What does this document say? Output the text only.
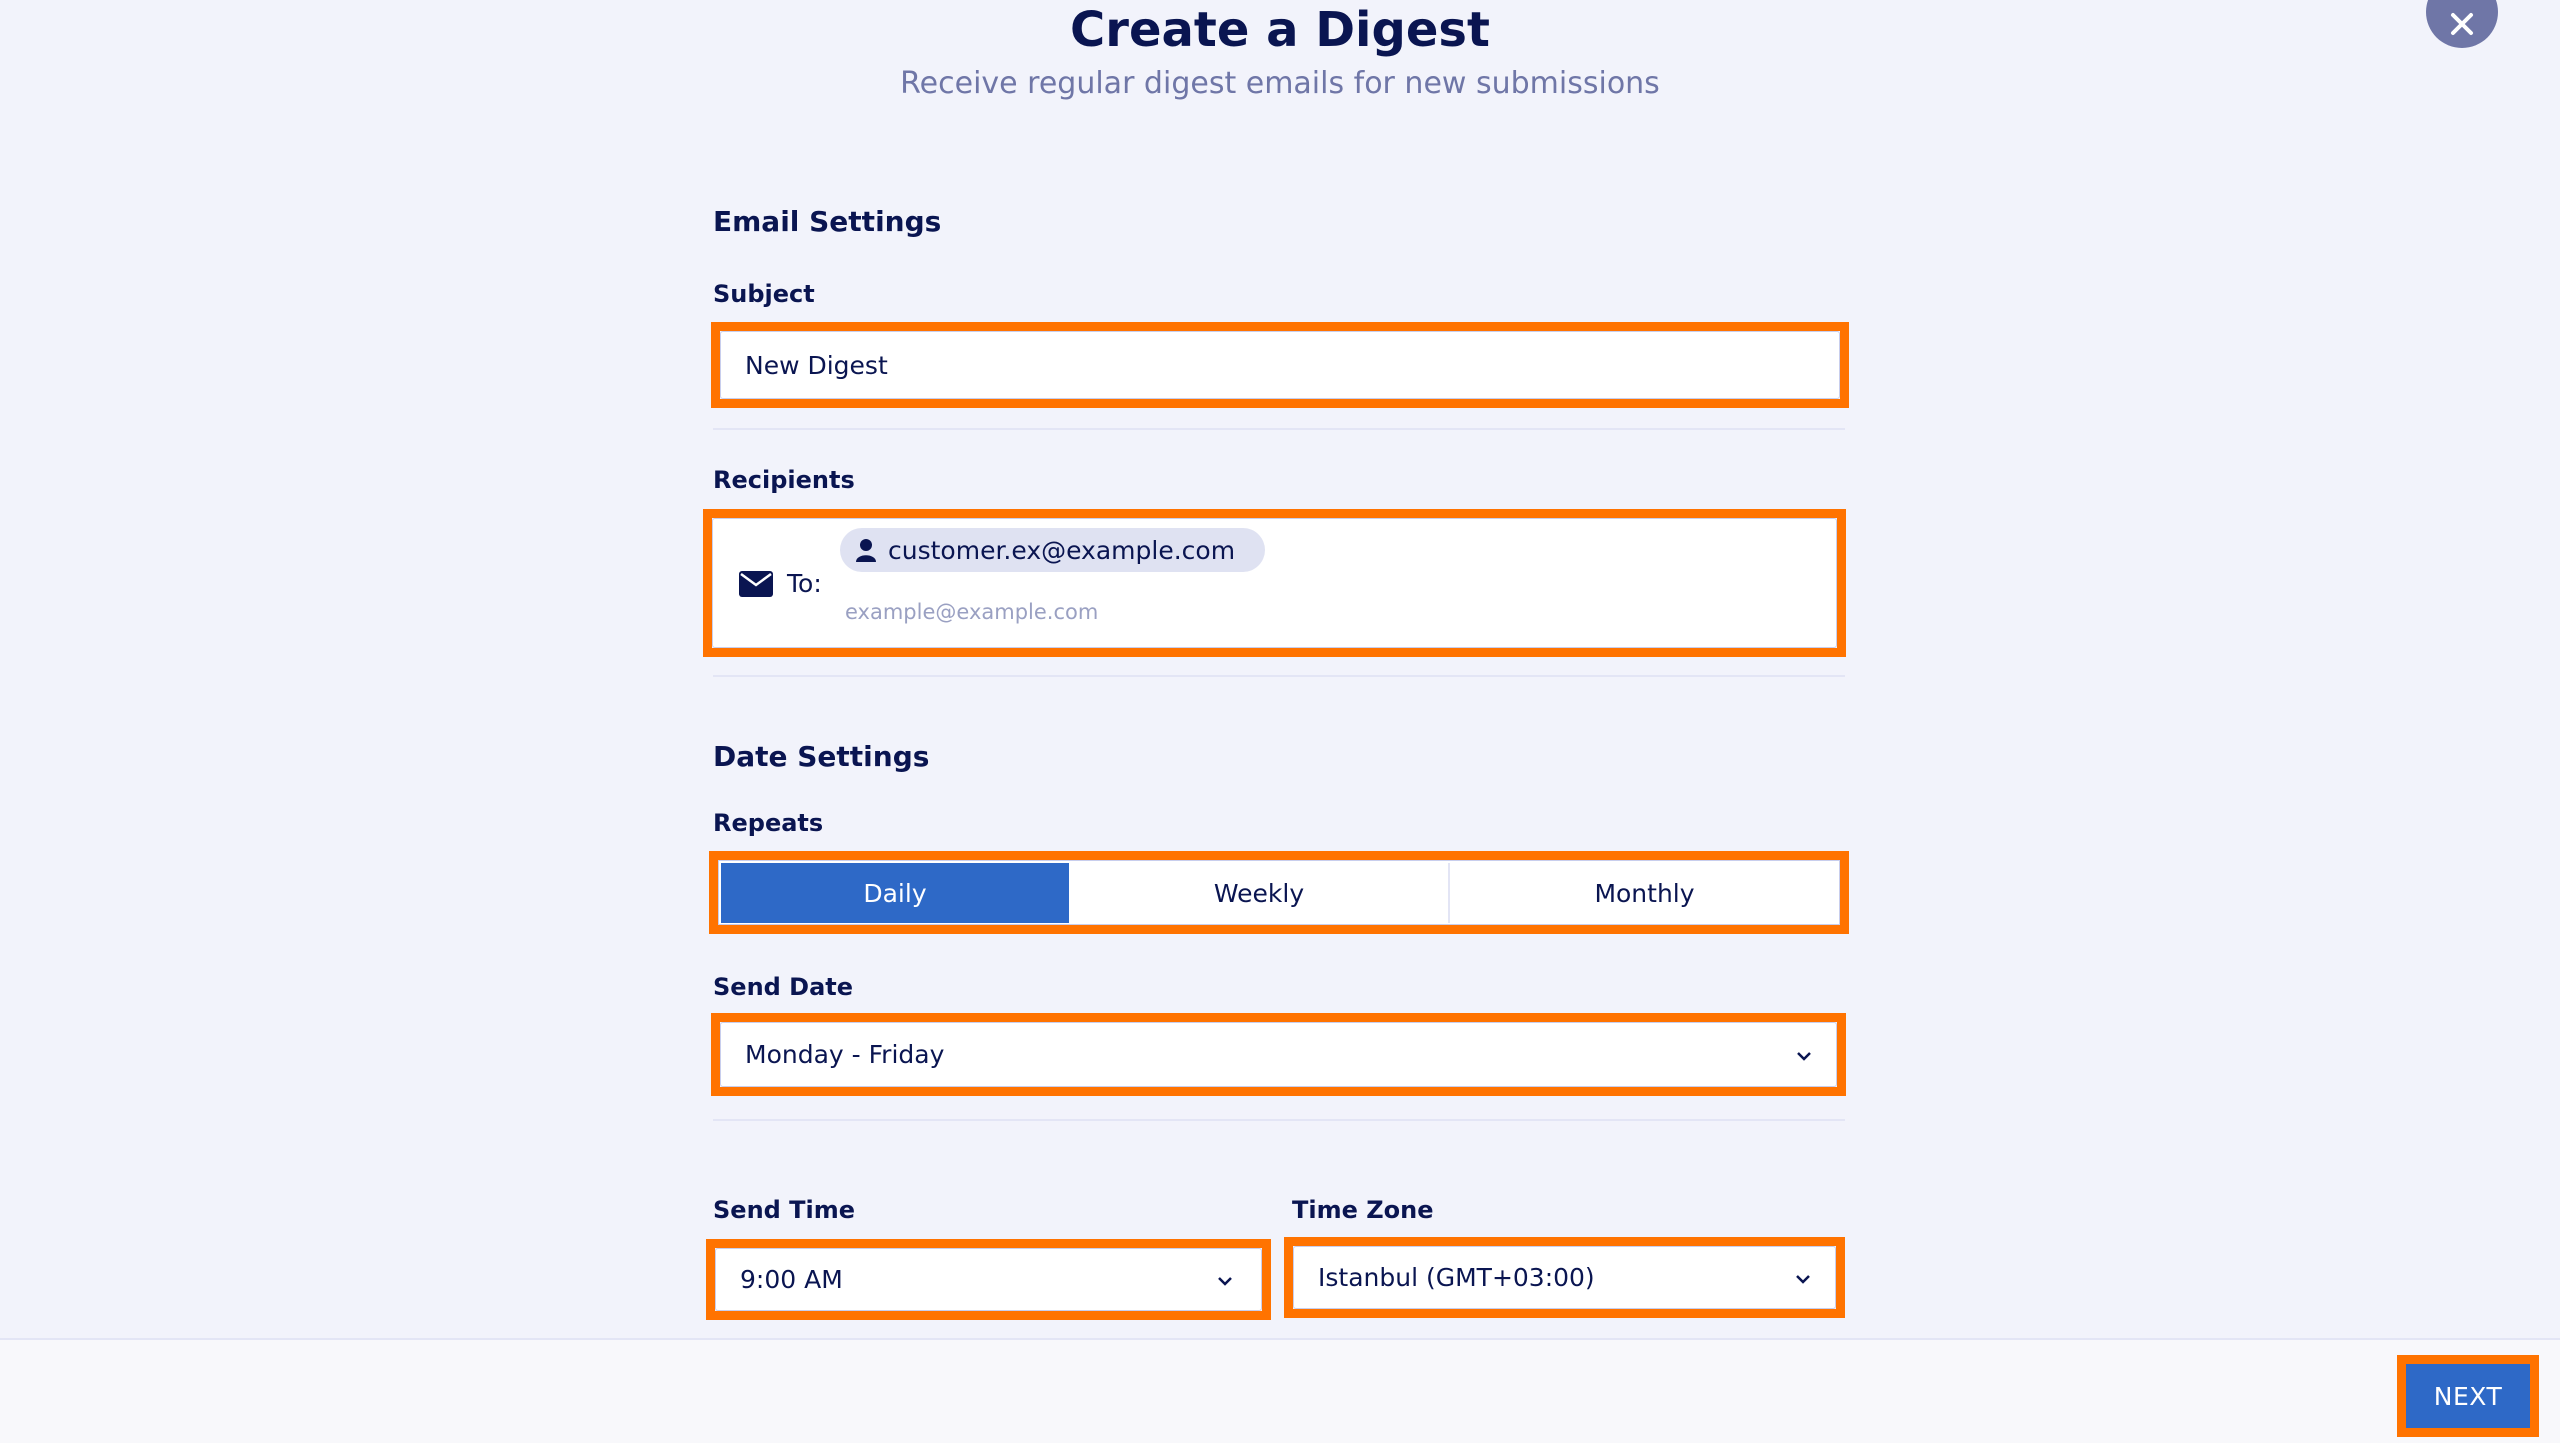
Create a Digest
Receive regular digest emails for new submissions
Email Settings
Subject
New Digest
Recipients
To:
customer.ex@example.com
example@example.com
Date Settings
Repeats
Daily	Weekly	Monthly
Send Date
Monday - Friday
Send Time
9:00 AM
Time Zone
Istanbul (GMT+03:00)
NEXT
